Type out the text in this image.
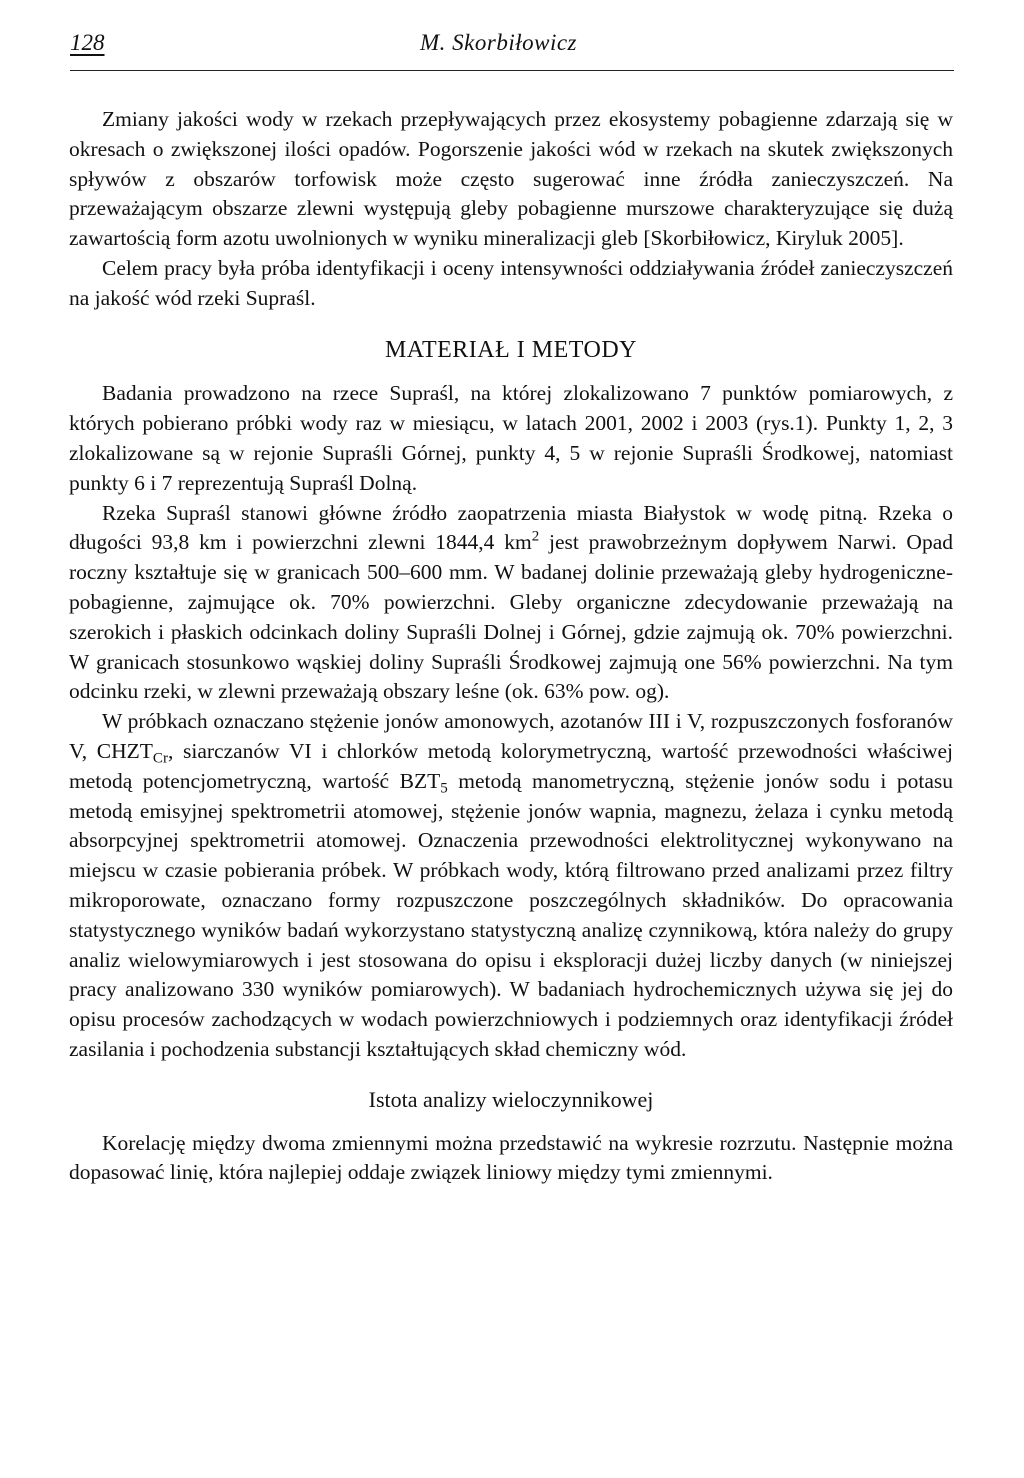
128	M. Skorbiłowicz

Zmiany jakości wody w rzekach przepływających przez ekosystemy pobagienne zdarzają się w okresach o zwiększonej ilości opadów. Pogorszenie jakości wód w rzekach na skutek zwiększonych spływów z obszarów torfowisk może często sugerować inne źródła zanieczyszczeń. Na przeważającym obszarze zlewni występują gleby pobagienne murszowe charakteryzujące się dużą zawartością form azotu uwolnionych w wyniku mineralizacji gleb [Skorbiłowicz, Kiryluk 2005].

Celem pracy była próba identyfikacji i oceny intensywności oddziaływania źródeł zanieczyszczeń na jakość wód rzeki Supraśl.

MATERIAŁ I METODY

Badania prowadzono na rzece Supraśl, na której zlokalizowano 7 punktów pomiarowych, z których pobierano próbki wody raz w miesiącu, w latach 2001, 2002 i 2003 (rys.1). Punkty 1, 2, 3 zlokalizowane są w rejonie Supraśli Górnej, punkty 4, 5 w rejonie Supraśli Środkowej, natomiast punkty 6 i 7 reprezentują Supraśl Dolną.

Rzeka Supraśl stanowi główne źródło zaopatrzenia miasta Białystok w wodę pitną. Rzeka o długości 93,8 km i powierzchni zlewni 1844,4 $km^2$ jest prawobrzeżnym dopływem Narwi. Opad roczny kształtuje się w granicach 500–600 mm. W badanej dolinie przeważają gleby hydrogeniczne-pobagienne, zajmujące ok. 70% powierzchni. Gleby organiczne zdecydowanie przeważają na szerokich i płaskich odcinkach doliny Supraśli Dolnej i Górnej, gdzie zajmują ok. 70% powierzchni. W granicach stosunkowo wąskiej doliny Supraśli Środkowej zajmują one 56% powierzchni. Na tym odcinku rzeki, w zlewni przeważają obszary leśne (ok. 63% pow. og).

W próbkach oznaczano stężenie jonów amonowych, azotanów III i V, rozpuszczonych fosforanów V, $CHZT_{Cr}$, siarczanów VI i chlorków metodą kolorymetryczną, wartość przewodności właściwej metodą potencjometryczną, wartość $BZT_5$ metodą manometryczną, stężenie jonów sodu i potasu metodą emisyjnej spektrometrii atomowej, stężenie jonów wapnia, magnezu, żelaza i cynku metodą absorpcyjnej spektrometrii atomowej. Oznaczenia przewodności elektrolitycznej wykonywano na miejscu w czasie pobierania próbek. W próbkach wody, którą filtrowano przed analizami przez filtry mikroporowate, oznaczano formy rozpuszczone poszczególnych składników. Do opracowania statystycznego wyników badań wykorzystano statystyczną analizę czynnikową, która należy do grupy analiz wielowymiarowych i jest stosowana do opisu i eksploracji dużej liczby danych (w niniejszej pracy analizowano 330 wyników pomiarowych). W badaniach hydrochemicznych używa się jej do opisu procesów zachodzących w wodach powierzchniowych i podziemnych oraz identyfikacji źródeł zasilania i pochodzenia substancji kształtujących skład chemiczny wód.

Istota analizy wieloczynnikowej

Korelację między dwoma zmiennymi można przedstawić na wykresie rozrzutu. Następnie można dopasować linię, która najlepiej oddaje związek liniowy między tymi zmiennymi.
